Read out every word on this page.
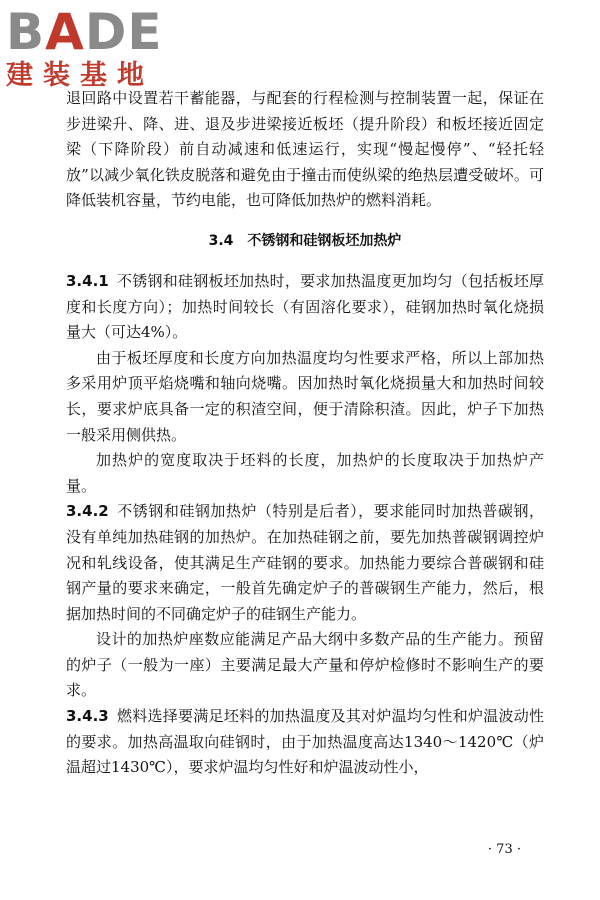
B A DE
建装基地

退回路中设置若干蓄能器，与配套的行程检测与控制装置一起，保证在步进梁升、降、进、退及步进梁接近板坯（提升阶段）和板坯接近固定梁（下降阶段）前自动减速和低速运行，实现“慢起慢停”、“轻托轻放”以减少氧化铁皮脱落和避免由于撞击而使纵梁的绝热层遭受破坏。可降低装机容量，节约电能，也可降低加热炉的燃料消耗。

3.4　不锈钢和硅钢板坯加热炉

3.4.1 不锈钢和硅钢板坯加热时，要求加热温度更加均匀（包括板坯厚度和长度方向）；加热时间较长（有固溶化要求），硅钢加热时氧化烧损量大（可达4%）。

由于板坯厚度和长度方向加热温度均匀性要求严格，所以上部加热多采用炉顶平焰烧嘴和轴向烧嘴。因加热时氧化烧损量大和加热时间较长，要求炉底具备一定的积渣空间，便于清除积渣。因此，炉子下加热一般采用侧供热。

加热炉的宽度取决于坯料的长度，加热炉的长度取决于加热炉产量。

3.4.2 不锈钢和硅钢加热炉（特别是后者），要求能同时加热普碳钢，没有单纯加热硅钢的加热炉。在加热硅钢之前，要先加热普碳钢调控炉况和轧线设备，使其满足生产硅钢的要求。加热能力要综合普碳钢和硅钢产量的要求来确定，一般首先确定炉子的普碳钢生产能力，然后，根据加热时间的不同确定炉子的硅钢生产能力。

设计的加热炉座数应能满足产品大纲中多数产品的生产能力。预留的炉子（一般为一座）主要满足最大产量和停炉检修时不影响生产的要求。

3.4.3 燃料选择要满足坯料的加热温度及其对炉温均匀性和炉温波动性的要求。加热高温取向硅钢时，由于加热温度高达1340～1420℃（炉温超过1430℃），要求炉温均匀性好和炉温波动性小，

· 73 ·
